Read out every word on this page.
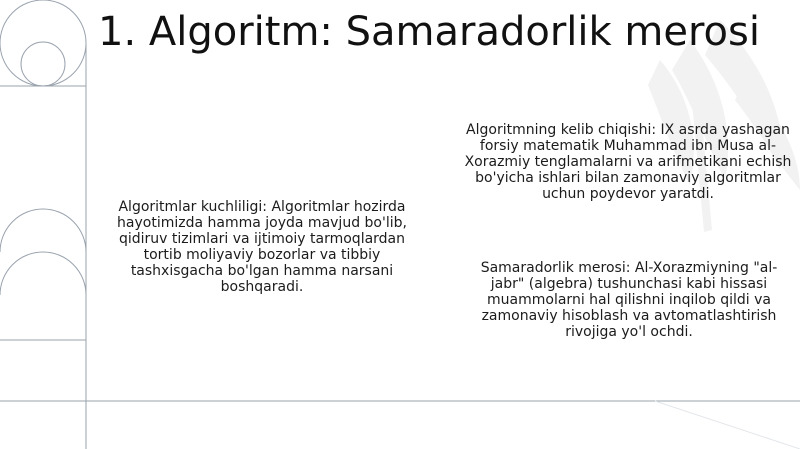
1. Algoritm: Samaradorlik merosi

Algoritmlar kuchliligi: Algoritmlar hozirda hayotimizda hamma joyda mavjud bo'lib, qidiruv tizimlari va ijtimoiy tarmoqlardan tortib moliyaviy bozorlar va tibbiy tashxisgacha bo'lgan hamma narsani boshqaradi.

Algoritmning kelib chiqishi: IX asrda yashagan forsiy matematik Muhammad ibn Musa al-Xorazmiy tenglamalarni va arifmetikani echish bo'yicha ishlari bilan zamonaviy algoritmlar uchun poydevor yaratdi.

Samaradorlik merosi: Al-Xorazmiyning "al-jabr" (algebra) tushunchasi kabi hissasi muammolarni hal qilishni inqilob qildi va zamonaviy hisoblash va avtomatlashtirish rivojiga yo'l ochdi.
